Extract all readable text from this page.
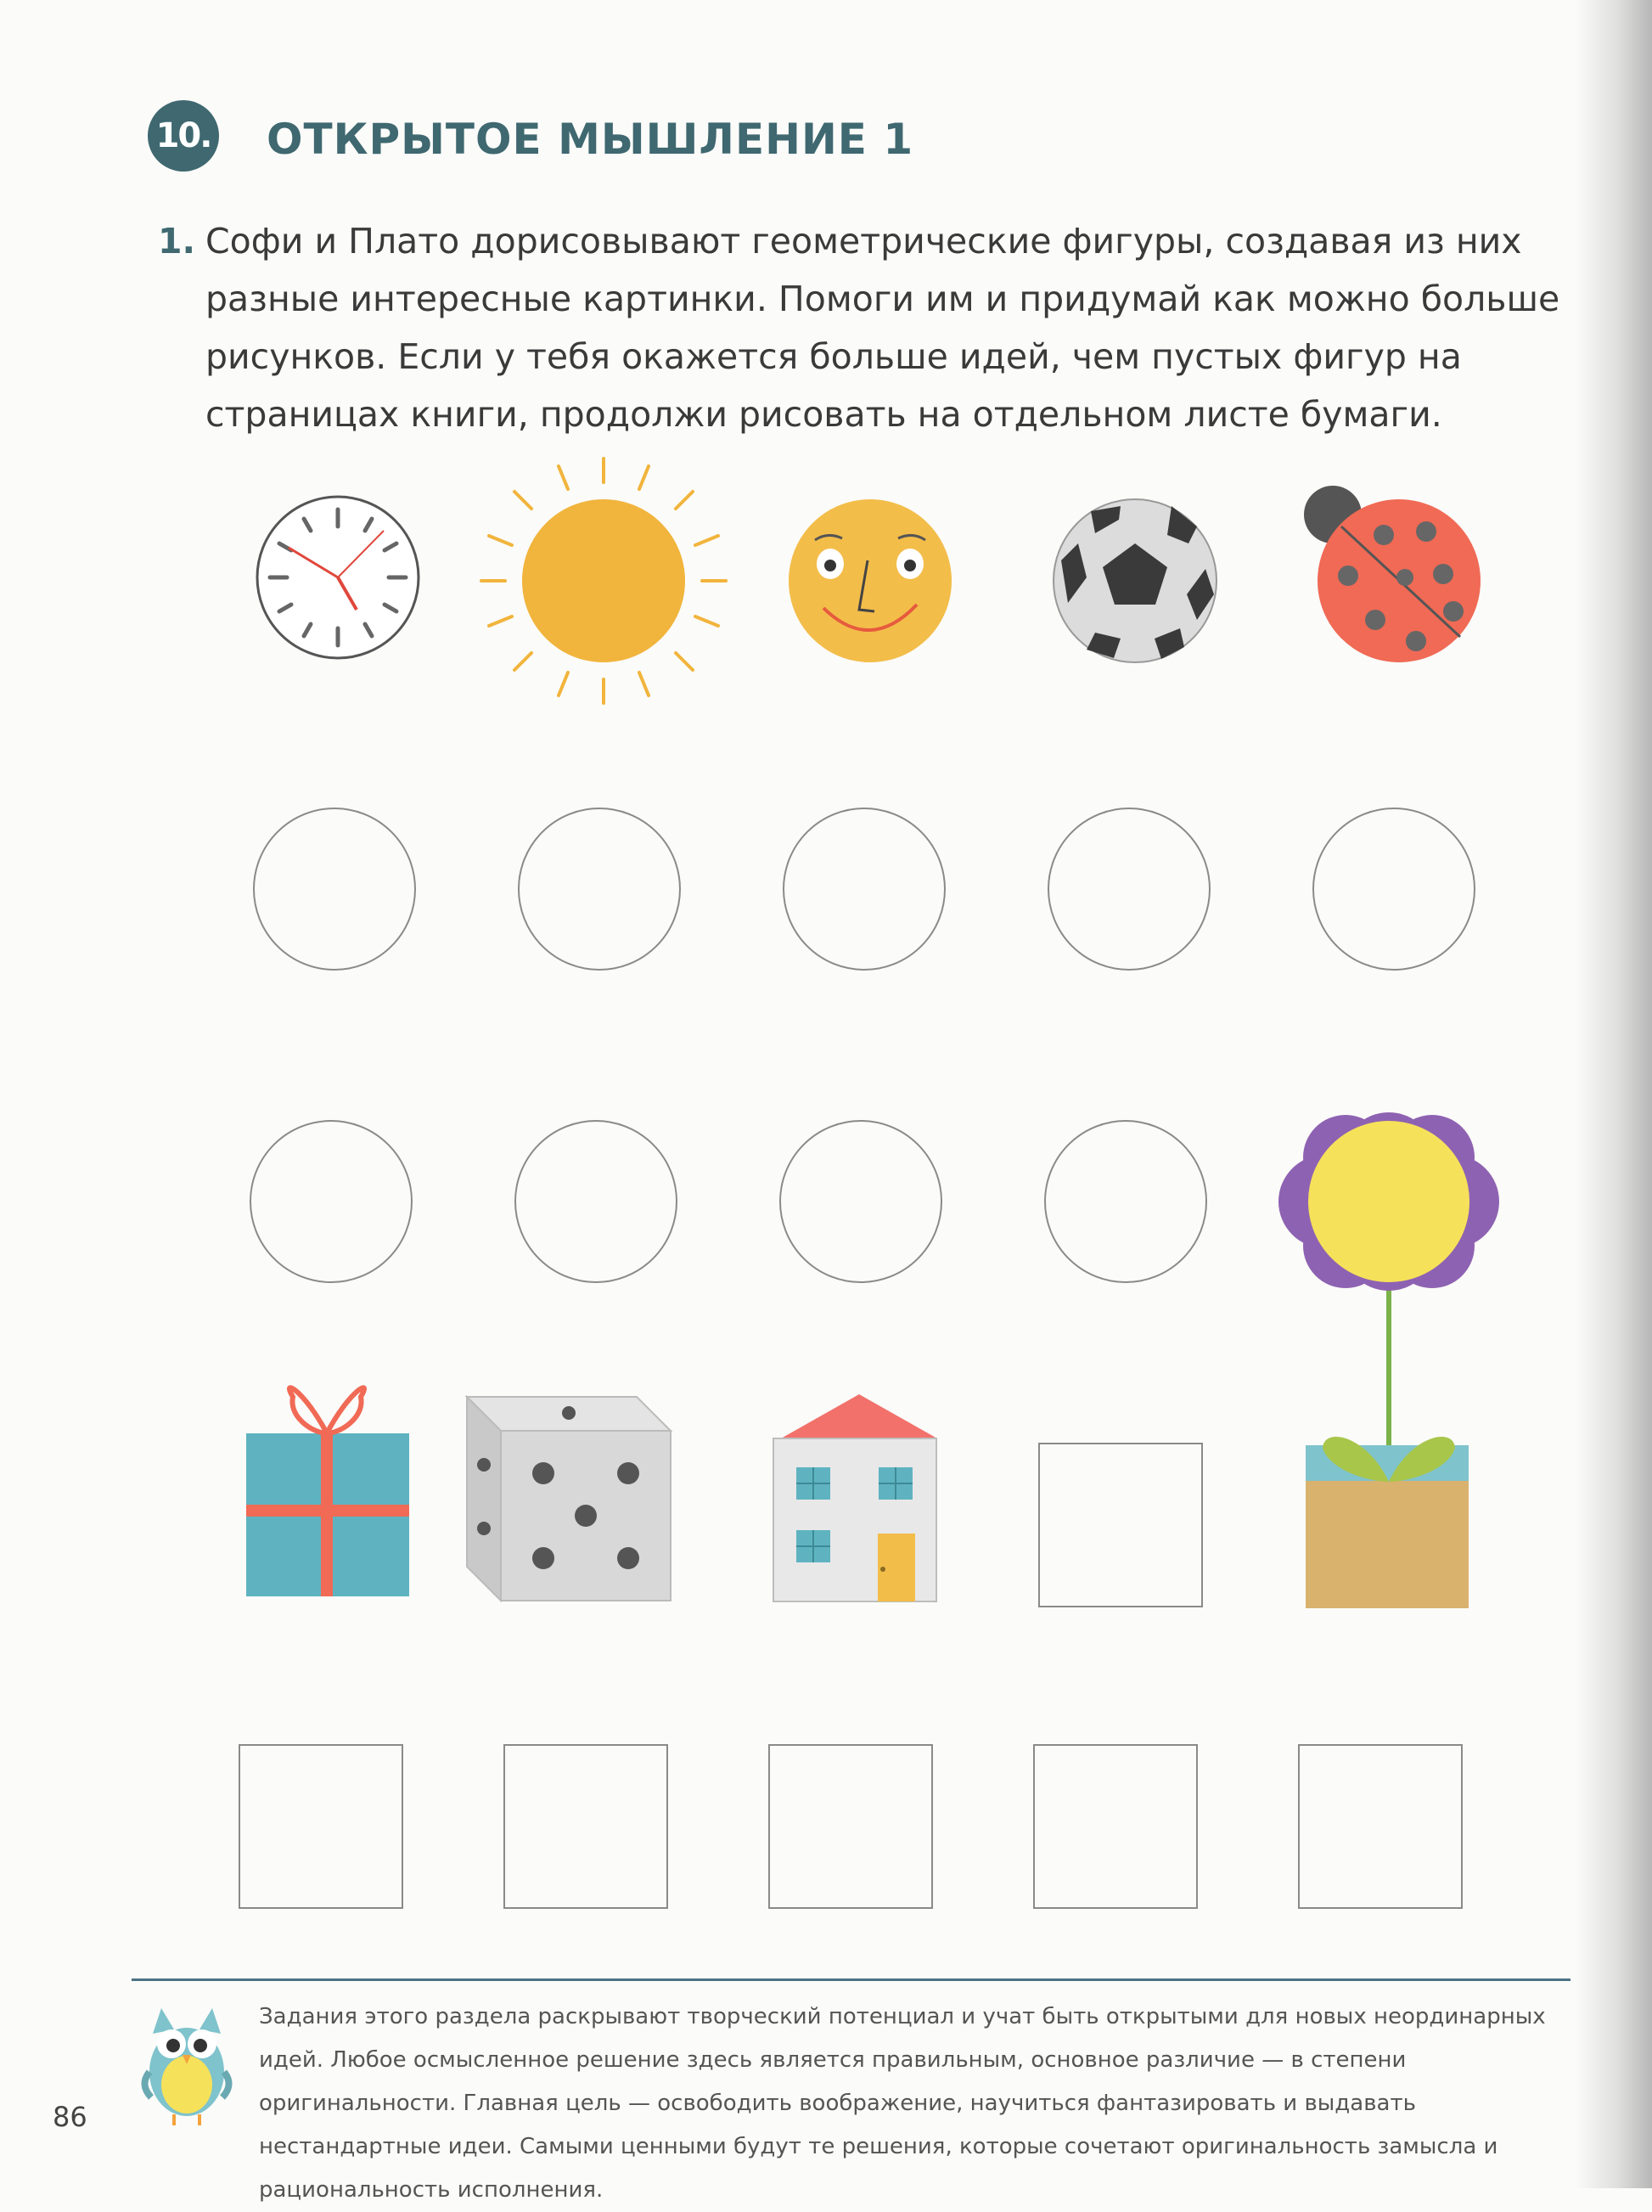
10. ОТКРЫТОЕ МЫШЛЕНИЕ 1
1. Софи и Плато дорисовывают геометрические фигуры, создавая из них разные интересные картинки. Помоги им и придумай как можно больше рисунков. Если у тебя окажется больше идей, чем пустых фигур на страницах книги, продолжи рисовать на отдельном листе бумаги.
Задания этого раздела раскрывают творческий потенциал и учат быть открытыми для новых неординарных идей. Любое осмысленное решение здесь является правильным, основное различие — в степени оригинальности. Главная цель — освободить воображение, научиться фантазировать и выдавать нестандартные идеи. Самыми ценными будут те решения, которые сочетают оригинальность замысла и рациональность исполнения.
86
